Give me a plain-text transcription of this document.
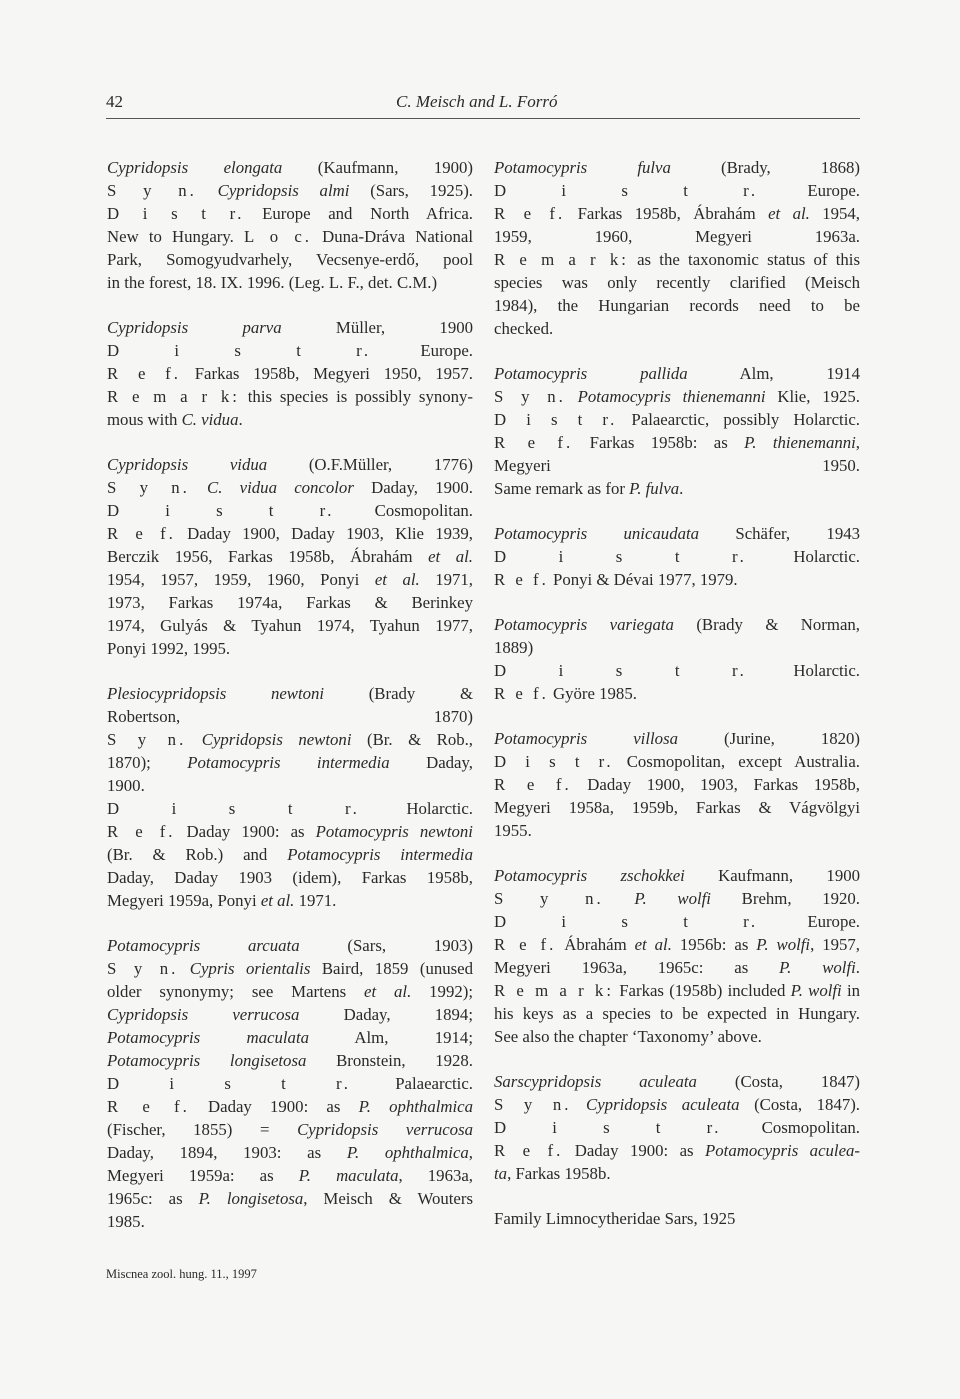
42	C. Meisch and L. Forró
Cypridopsis elongata (Kaufmann, 1900)
S y n. Cypridopsis almi (Sars, 1925).
D i s t r. Europe and North Africa.
New to Hungary. L o c. Duna-Dráva National
Park, Somogyudvarhely, Vecsenye-erdő, pool
in the forest, 18. IX. 1996. (Leg. L. F., det. C.M.)
Cypridopsis parva Müller, 1900
D i s t r. Europe.
R e f. Farkas 1958b, Megyeri 1950, 1957.
R e m a r k: this species is possibly synony-
mous with C. vidua.
Cypridopsis vidua (O.F.Müller, 1776)
S y n. C. vidua concolor Daday, 1900.
D i s t r. Cosmopolitan.
R e f. Daday 1900, Daday 1903, Klie 1939,
Berczik 1956, Farkas 1958b, Ábrahám et al.
1954, 1957, 1959, 1960, Ponyi et al. 1971,
1973, Farkas 1974a, Farkas & Berinkey
1974, Gulyás & Tyahun 1974, Tyahun 1977,
Ponyi 1992, 1995.
Plesiocypridopsis newtoni (Brady &
Robertson, 1870)
S y n. Cypridopsis newtoni (Br. & Rob.,
1870); Potamocypris intermedia Daday,
1900.
D i s t r. Holarctic.
R e f. Daday 1900: as Potamocypris newtoni
(Br. & Rob.) and Potamocypris intermedia
Daday, Daday 1903 (idem), Farkas 1958b,
Megyeri 1959a, Ponyi et al. 1971.
Potamocypris arcuata (Sars, 1903)
S y n. Cypris orientalis Baird, 1859 (unused
older synonymy; see Martens et al. 1992);
Cypridopsis verrucosa Daday, 1894;
Potamocypris maculata Alm, 1914;
Potamocypris longisetosa Bronstein, 1928.
D i s t r. Palaearctic.
R e f. Daday 1900: as P. ophthalmica
(Fischer, 1855) = Cypridopsis verrucosa
Daday, 1894, 1903: as P. ophthalmica,
Megyeri 1959a: as P. maculata, 1963a,
1965c: as P. longisetosa, Meisch & Wouters
1985.
Potamocypris fulva (Brady, 1868)
D i s t r. Europe.
R e f. Farkas 1958b, Ábrahám et al. 1954,
1959, 1960, Megyeri 1963a.
R e m a r k: as the taxonomic status of this
species was only recently clarified (Meisch
1984), the Hungarian records need to be
checked.
Potamocypris pallida Alm, 1914
S y n. Potamocypris thienemanni Klie, 1925.
D i s t r. Palaearctic, possibly Holarctic.
R e f. Farkas 1958b: as P. thienemanni,
Megyeri 1950.
Same remark as for P. fulva.
Potamocypris unicaudata Schäfer, 1943
D i s t r. Holarctic.
R e f. Ponyi & Dévai 1977, 1979.
Potamocypris variegata (Brady & Norman,
1889)
D i s t r. Holarctic.
R e f. Györe 1985.
Potamocypris villosa (Jurine, 1820)
D i s t r. Cosmopolitan, except Australia.
R e f. Daday 1900, 1903, Farkas 1958b,
Megyeri 1958a, 1959b, Farkas & Vágvölgyi
1955.
Potamocypris zschokkei Kaufmann, 1900
S y n. P. wolfi Brehm, 1920.
D i s t r. Europe.
R e f. Ábrahám et al. 1956b: as P. wolfi, 1957,
Megyeri 1963a, 1965c: as P. wolfi.
R e m a r k: Farkas (1958b) included P. wolfi in
his keys as a species to be expected in Hungary.
See also the chapter ‘Taxonomy’ above.
Sarscypridopsis aculeata (Costa, 1847)
S y n. Cypridopsis aculeata (Costa, 1847).
D i s t r. Cosmopolitan.
R e f. Daday 1900: as Potamocypris aculea-
ta, Farkas 1958b.
Family Limnocytheridae Sars, 1925
Miscnea zool. hung. 11., 1997
